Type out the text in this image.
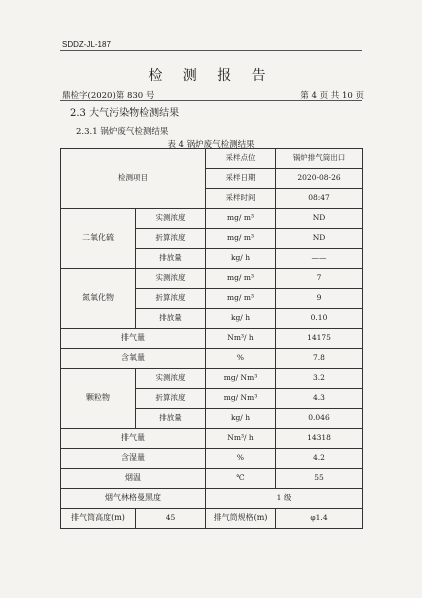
SDDZ-JL-187
检 测 报 告
鼎检字(2020)第 830 号	第 4 页 共 10 页
2.3 大气污染物检测结果
2.3.1 锅炉废气检测结果
表 4 锅炉废气检测结果
检测项目		采样点位	锅炉排气筒出口
		采样日期	2020-08-26
		采样时间	08:47
二氧化硫	实测浓度	mg/ m³	ND
	折算浓度	mg/ m³	ND
	排放量	kg/ h	——
氮氧化物	实测浓度	mg/ m³	7
	折算浓度	mg/ m³	9
	排放量	kg/ h	0.10
排气量		Nm³/ h	14175
含氧量		%	7.8
颗粒物	实测浓度	mg/ Nm³	3.2
	折算浓度	mg/ Nm³	4.3
	排放量	kg/ h	0.046
排气量		Nm³/ h	14318
含湿量		%	4.2
烟温		℃	55
烟气林格曼黑度		1 级	
排气筒高度(m)	45	排气筒规格(m)	φ1.4
